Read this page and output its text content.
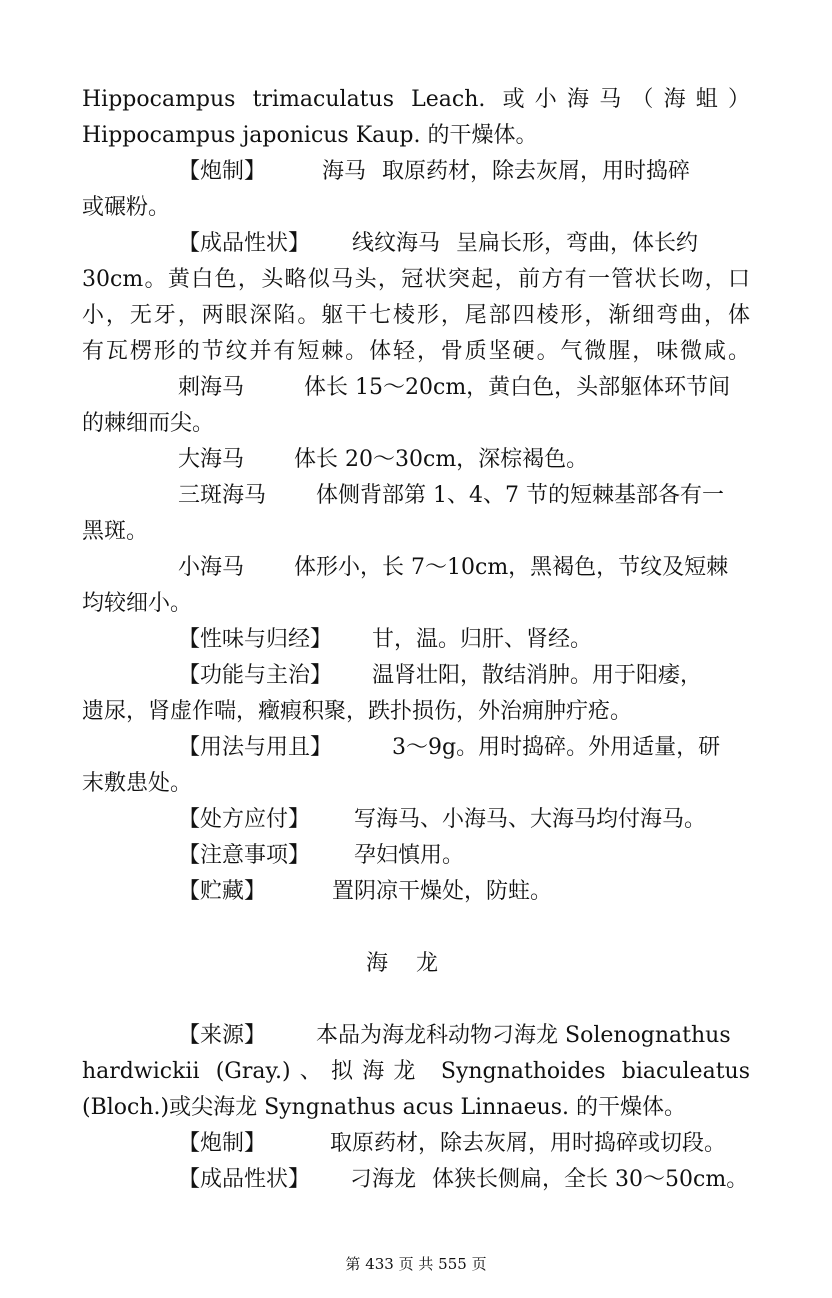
Hippocampus trimaculatus Leach. 或小海马（海蛆）
Hippocampus japonicus Kaup. 的干燥体。
【炮制】	海马 取原药材，除去灰屑，用时捣碎
或碾粉。
【成品性状】 线纹海马 呈扁长形，弯曲，体长约
30cm。黄白色，头略似马头，冠状突起，前方有一管状长吻，口
小，无牙，两眼深陷。躯干七棱形，尾部四棱形，渐细弯曲，体
有瓦楞形的节纹并有短棘。体轻，骨质坚硬。气微腥，味微咸。
刺海马	体长 15～20cm，黄白色，头部躯体环节间
的棘细而尖。
大海马 体长 20～30cm，深棕褐色。
三斑海马 体侧背部第 1、4、7 节的短棘基部各有一
黑斑。
小海马 体形小，长 7～10cm，黑褐色，节纹及短棘
均较细小。
【性味与归经】 甘，温。归肝、肾经。
【功能与主治】 温肾壮阳，散结消肿。用于阳痿，
遗尿，肾虚作喘，癥瘕积聚，跌扑损伤，外治痈肿疔疮。
【用法与用且】	3～9g。用时捣碎。外用适量，研
末敷患处。
【处方应付】 写海马、小海马、大海马均付海马。
【注意事项】 孕妇慎用。
【贮藏】	置阴凉干燥处，防蛀。
海龙
【来源】 本品为海龙科动物刁海龙 Solenognathus
hardwickii (Gray.)、拟海龙 Syngnathoides biaculeatus
(Bloch.)或尖海龙 Syngnathus acus Linnaeus. 的干燥体。
【炮制】	取原药材，除去灰屑，用时捣碎或切段。
【成品性状】 刁海龙 体狭长侧扁，全长 30～50cm。
第 433 页 共 555 页
